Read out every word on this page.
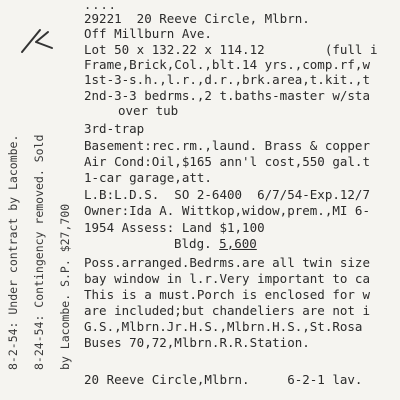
....
29221  20 Reeve Circle, Mlbrn.
Off Millburn Ave.
Lot 50 x 132.22 x 114.12        (full i
Frame,Brick,Col.,blt.14 yrs.,comp.rf,w
1st-3-s.h.,l.r.,d.r.,brk.area,t.kit.,t
2nd-3-3 bedrms.,2 t.baths-master w/sta
over tub
3rd-trap
Basement:rec.rm.,laund. Brass & copper
Air Cond:Oil,$165 ann'l cost,550 gal.t
1-car garage,att.
L.B:L.D.S.  SO 2-6400  6/7/54-Exp.12/7
Owner:Ida A. Wittkop,widow,prem.,MI 6-
1954 Assess: Land $1,100
Bldg. 5,600
Poss.arranged.Bedrms.are all twin size
bay window in l.r.Very important to ca
This is a must.Porch is enclosed for w
are included;but chandeliers are not i
G.S.,Mlbrn.Jr.H.S.,Mlbrn.H.S.,St.Rosa
Buses 70,72,Mlbrn.R.R.Station.
20 Reeve Circle,Mlbrn.     6-2-1 lav.
8-2-54: Under contract by Lacombe. 8-24-54: Contingency removed. Sold by Lacombe. S.P. $27,700
